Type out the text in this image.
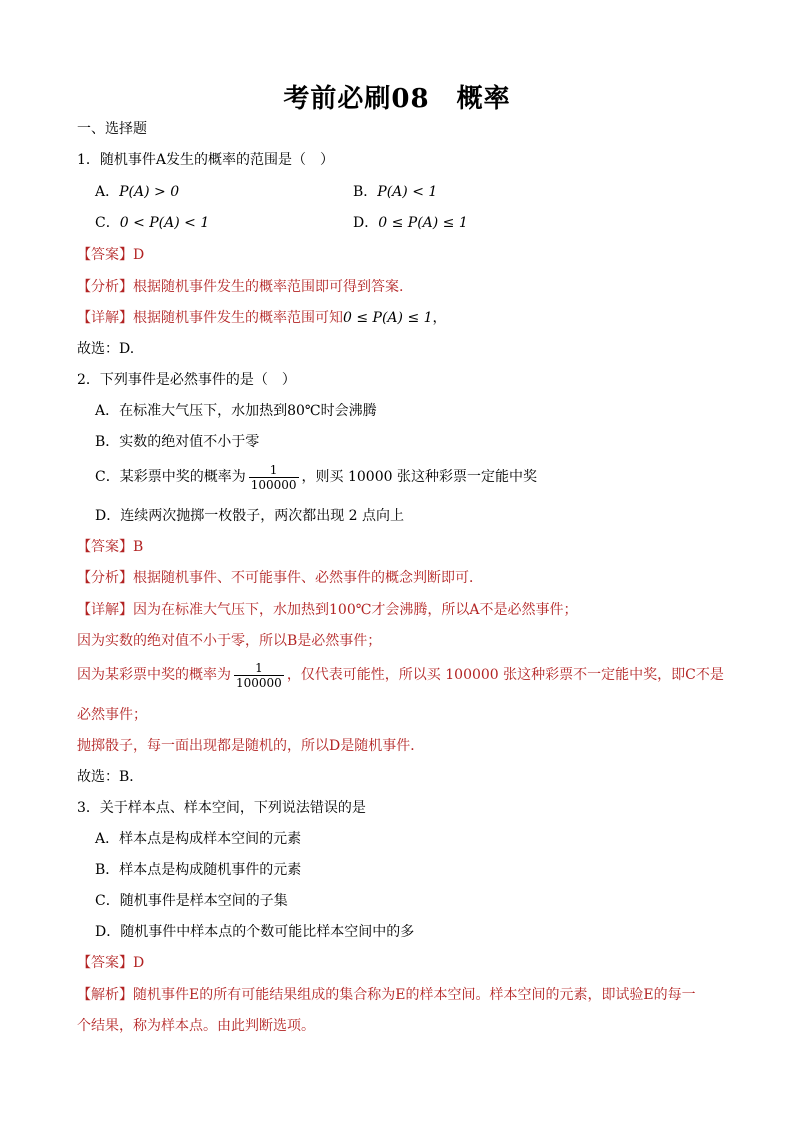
考前必刷08　概率
一、选择题
1．随机事件A发生的概率的范围是（　）
A．P(A) > 0	B．P(A) < 1
C．0 < P(A) < 1	D．0 ≤ P(A) ≤ 1
【答案】D
【分析】根据随机事件发生的概率范围即可得到答案.
【详解】根据随机事件发生的概率范围可知0 ≤ P(A) ≤ 1，
故选：D.
2．下列事件是必然事件的是（　）
A．在标准大气压下，水加热到80℃时会沸腾
B．实数的绝对值不小于零
C．某彩票中奖的概率为 $\frac{1}{100000}$ ，则买 10000 张这种彩票一定能中奖
D．连续两次抛掷一枚骰子，两次都出现 2 点向上
【答案】B
【分析】根据随机事件、不可能事件、必然事件的概念判断即可．
【详解】因为在标准大气压下，水加热到100℃才会沸腾，所以A不是必然事件；
因为实数的绝对值不小于零，所以B是必然事件；
因为某彩票中奖的概率为 $\frac{1}{100000}$ ，仅代表可能性，所以买 100000 张这种彩票不一定能中奖，即C不是
必然事件；
抛掷骰子，每一面出现都是随机的，所以D是随机事件．
故选：B．
3．关于样本点、样本空间，下列说法错误的是
A．样本点是构成样本空间的元素
B．样本点是构成随机事件的元素
C．随机事件是样本空间的子集
D．随机事件中样本点的个数可能比样本空间中的多
【答案】D
【解析】随机事件E的所有可能结果组成的集合称为E的样本空间。样本空间的元素，即试验E的每一
个结果，称为样本点。由此判断选项。
